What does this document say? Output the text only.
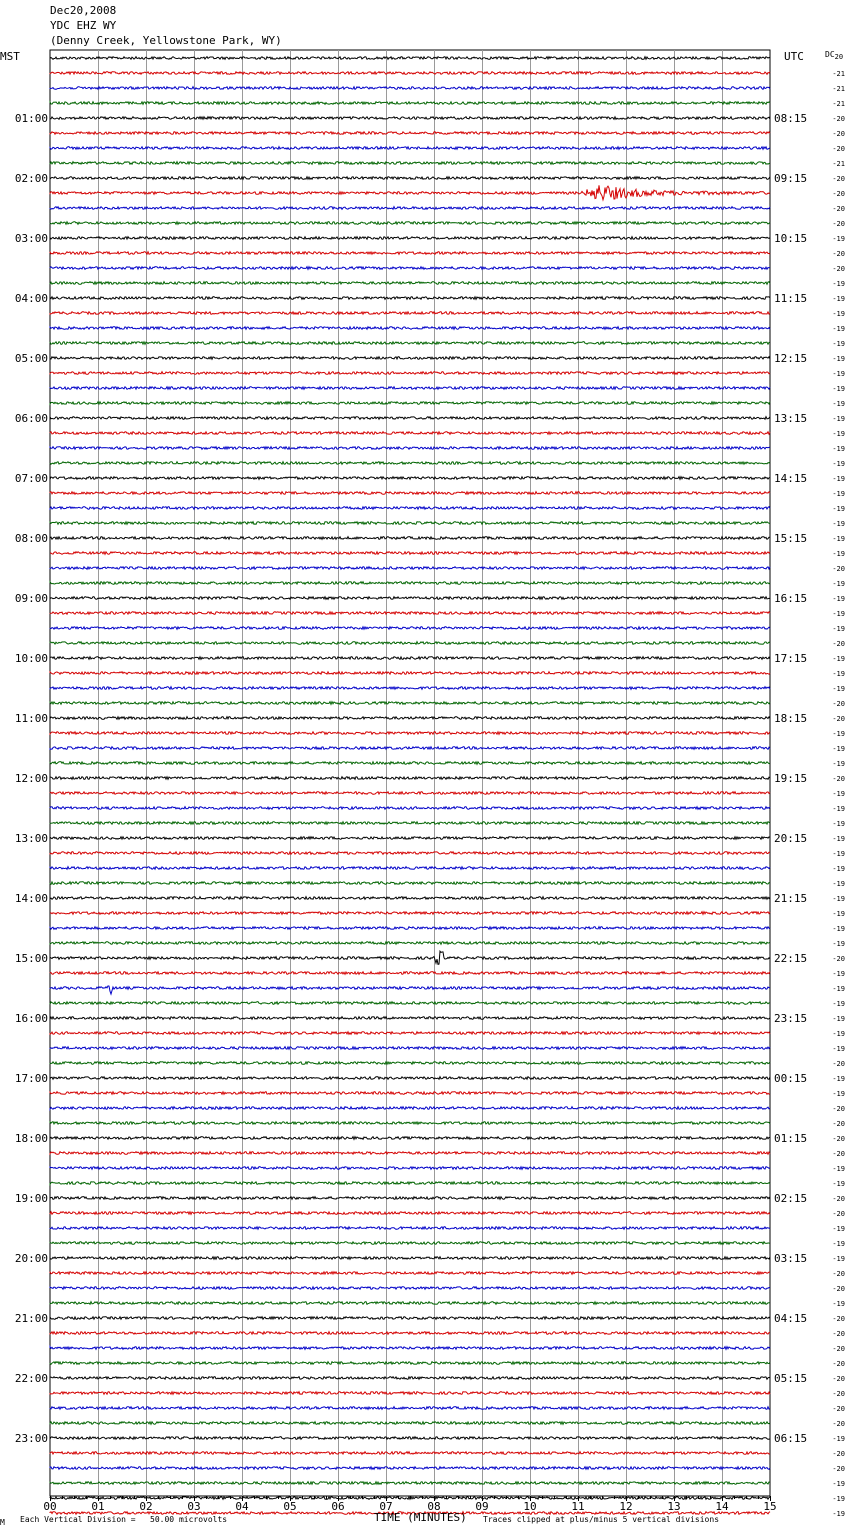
Dec20,2008
YDC EHZ WY
(Denny Creek, Yellowstone Park, WY)
MST	UTC	DC20
01:00
02:00
03:00
04:00
05:00
06:00
07:00
08:00
09:00
10:00
11:00
12:00
13:00
14:00
15:00
16:00
17:00
18:00
19:00
20:00
21:00
22:00
23:00
08:15
09:15
10:15
11:15
12:15
13:15
14:15
15:15
16:15
17:15
18:15
19:15
20:15
21:15
22:15
23:15
00:15
01:15
02:15
03:15
04:15
05:15
06:15
-21
-21
-21
-20
-20
-20
-21
-20
-20
-20
-20
-19
-20
-20
-19
-19
-19
-19
-19
-19
-19
-19
-19
-19
-19
-19
-19
-19
-19
-19
-19
-19
-19
-20
-19
-19
-19
-19
-20
-19
-19
-19
-20
-20
-19
-19
-19
-20
-19
-19
-19
-19
-19
-19
-19
-19
-19
-19
-19
-20
-19
-19
-19
-19
-19
-19
-20
-19
-19
-20
-20
-20
-20
-19
-19
-20
-20
-19
-19
-19
-20
-20
-19
-20
-20
-20
-20
-20
-20
-20
-20
-19
-20
-20
-19
-19
-19
00	01	02	03	04	05	06	07	08	09	10	11	12	13	14	15
M Each Vertical Division =   50.00 microvolts	TIME (MINUTES) Traces clipped at plus/minus 5 vertical divisions
